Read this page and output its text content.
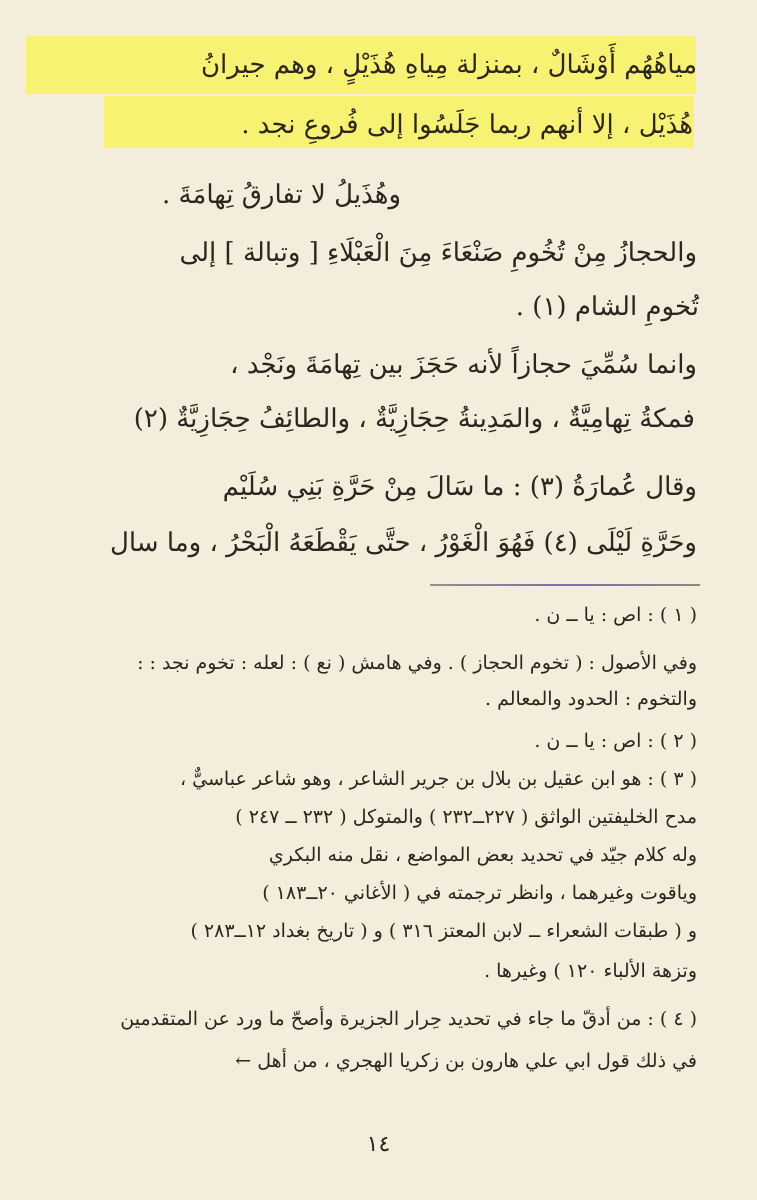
مياهُهُم أَوْشَالٌ ، بمنزلة مِياهِ هُذَيْلٍ ، وهم جيرانُ
هُذَيْل ، إلا أنهم ربما جَلَسُوا إلى فُروعِ نجد .
وهُذَيلُ لا تفارقُ تِهامَةَ .
والحجازُ مِنْ تُخُومِ صَنْعَاءَ مِنَ الْعَبْلَاءِ [ وتبالة ] إلى
تُخومِ الشام (١) .
وانما سُمِّيَ حجازاً لأنه حَجَزَ بين تِهامَةَ ونَجْد ،
فمكةُ تِهامِيَّةٌ ، والمَدِينةُ حِجَازِيَّةٌ ، والطائِفُ حِجَازِيَّةٌ (٢)
وقال عُمارَةُ (٣) : ما سَالَ مِنْ حَرَّةِ بَنِي سُلَيْم
وحَرَّةِ لَيْلَى (٤) فَهُوَ الْغَوْرُ ، حتَّى يَقْطَعَهُ الْبَحْرُ ، وما سال
( ١ ) : اص : يا ــ ن .
وفي الأصول : ( تخوم الحجاز ) . وفي هامش ( نع ) : لعله : تخوم نجد : :
والتخوم : الحدود والمعالم .
( ٢ ) : اص : يا ــ ن .
( ٣ ) : هو ابن عقيل بن بلال بن جرير الشاعر ، وهو شاعر عباسيٌّ ،
مدح الخليفتين الواثق ( ٢٢٧ــ٢٣٢ ) والمتوكل ( ٢٣٢ ــ ٢٤٧ )
وله كلام جيّد في تحديد بعض المواضع ، نقل منه البكري
وياقوت وغيرهما ، وانظر ترجمته في ( الأغاني ٢٠ــ١٨٣ )
و ( طبقات الشعراء ــ لابن المعتز ٣١٦ ) و ( تاريخ بغداد ١٢ــ٢٨٣ )
وتزهة الألباء ١٢٠ ) وغيرها .
( ٤ ) : من أدقّ ما جاء في تحديد حِرار الجزيرة وأصحّ ما ورد عن المتقدمين
في ذلك قول ابي علي هارون بن زكريا الهجري ، من أهل ←
١٤
